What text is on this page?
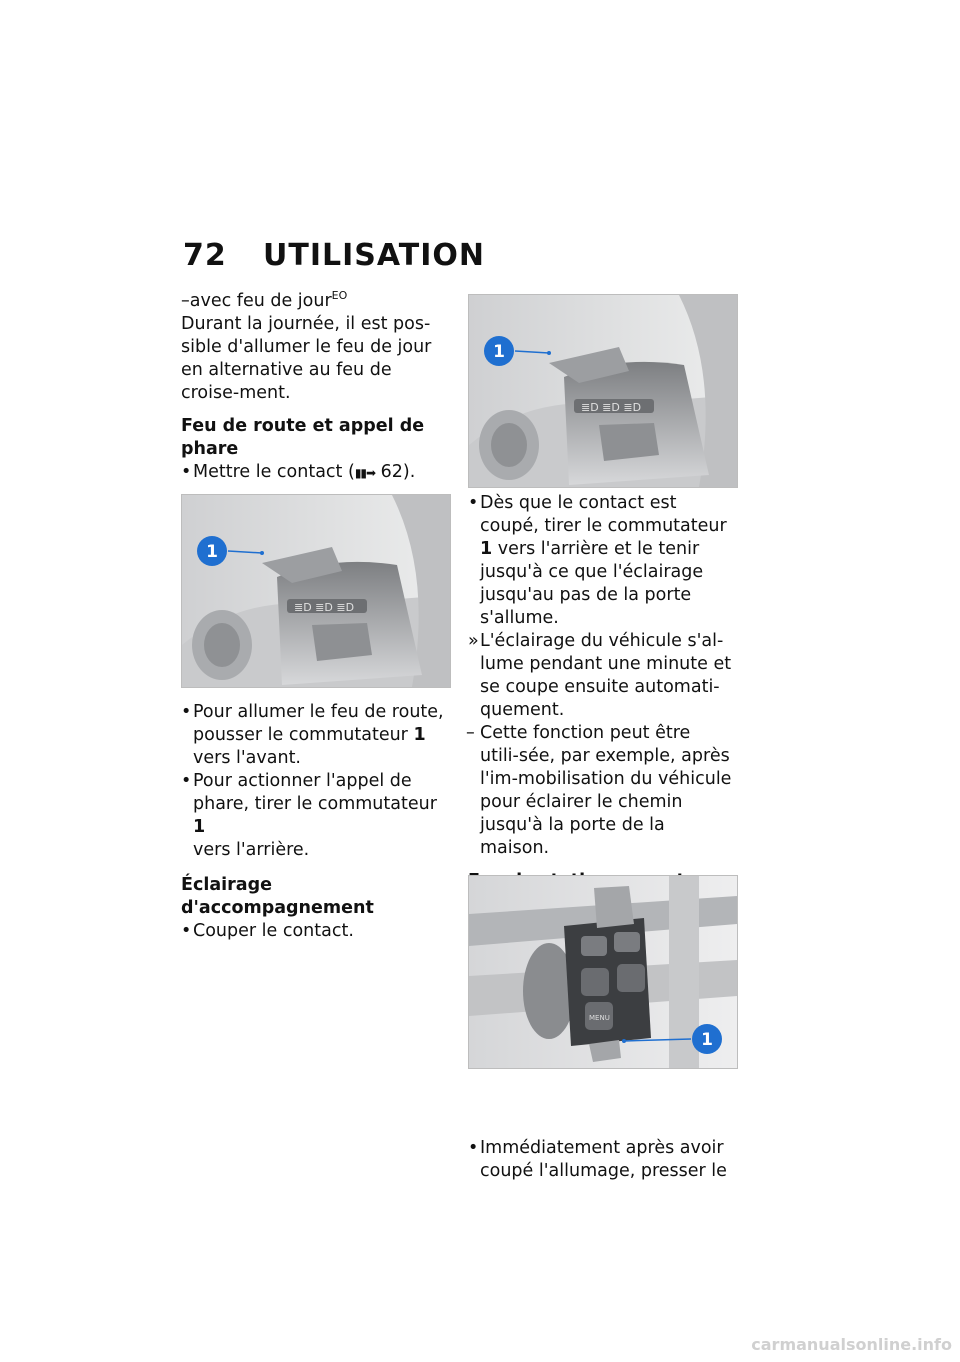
72 UTILISATION

–avec feu de jour$^{EO}$

Durant la journée, il est pos-sible d'allumer le feu de jour en alternative au feu de croise-ment.

Feu de route et appel de phare

• Mettre le contact (▮▮➡ 62).

• Pour allumer le feu de route, pousser le commutateur 1
vers l'avant.

• Pour actionner l'appel de phare, tirer le commutateur 1
vers l'arrière.

Éclairage d'accompagnement

• Couper le contact.

≣D ≣D ≣D
1
≣D ≣D ≣D
1

• Dès que le contact est coupé, tirer le commutateur 1 vers l'arrière et le tenir jusqu'à ce que l'éclairage jusqu'au pas de la porte s'allume.

» L'éclairage du véhicule s'al-lume pendant une minute et se coupe ensuite automati-quement.

– Cette fonction peut être utili-sée, par exemple, après l'im-mobilisation du véhicule pour éclairer le chemin jusqu'à la porte de la maison.

• Immédiatement après avoir coupé l'allumage, presser le

MENU
1
carmanualsonline.info
